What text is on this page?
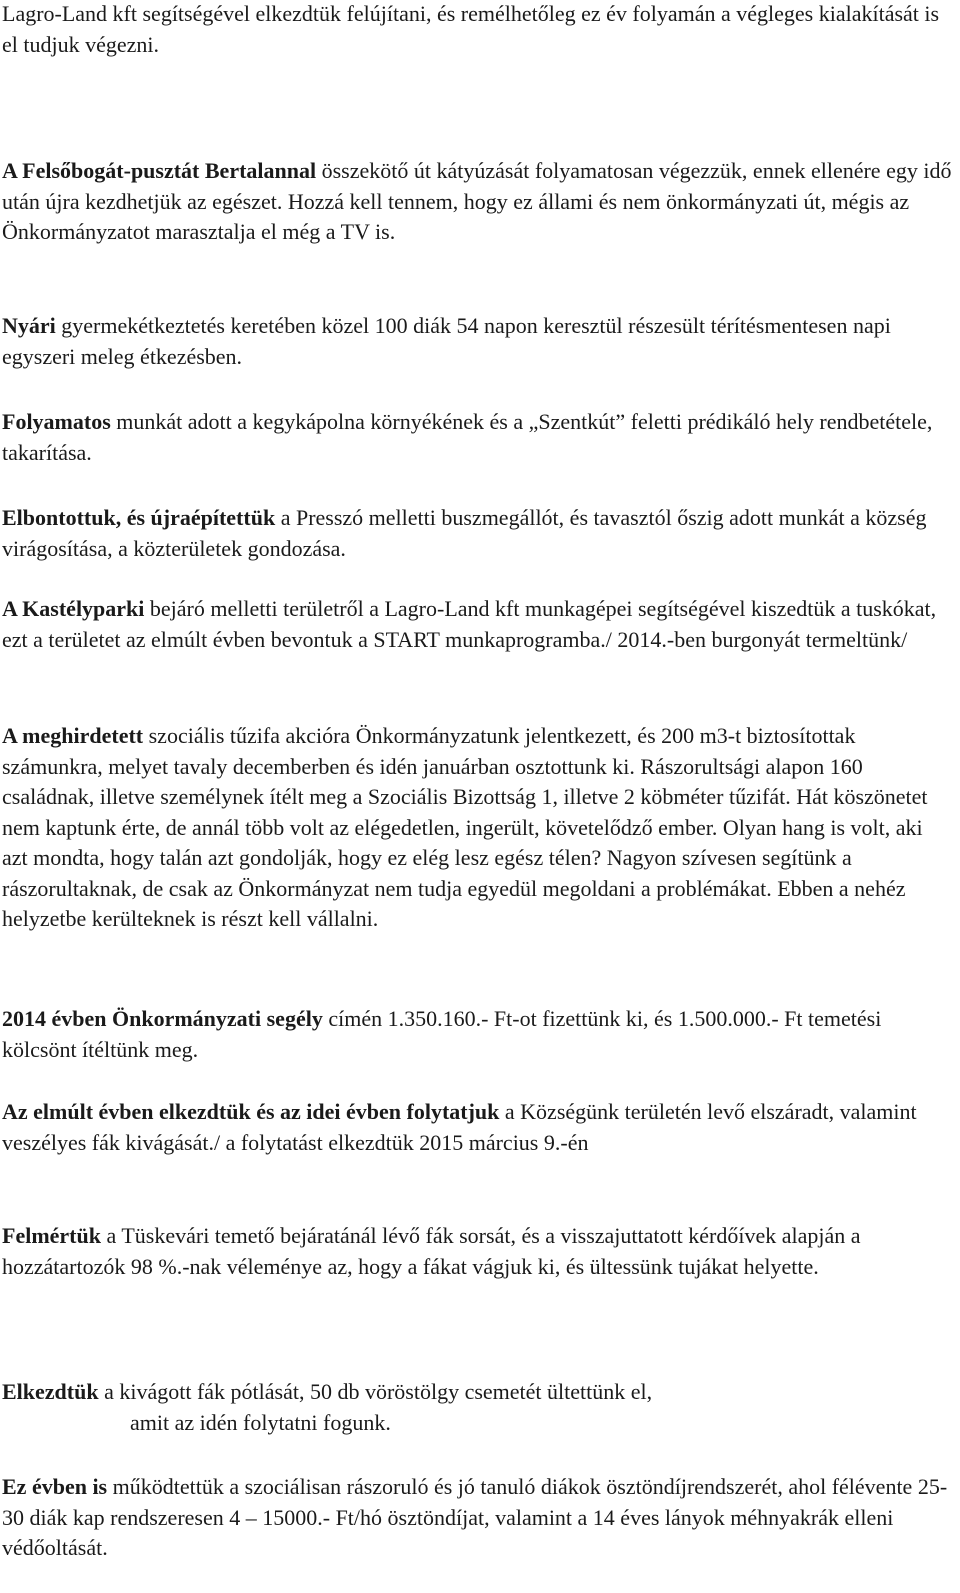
Lagro-Land kft segítségével elkezdtük felújítani, és remélhetőleg ez év folyamán a végleges kialakítását is el tudjuk végezni.

A Felsőbogát-pusztát Bertalannal összekötő út kátyúzását folyamatosan végezzük, ennek ellenére egy idő után újra kezdhetjük az egészet. Hozzá kell tennem, hogy ez állami és nem önkormányzati út, mégis az Önkormányzatot marasztalja el még a TV is.

Nyári gyermekétkeztetés keretében közel 100 diák 54 napon keresztül részesült térítésmentesen napi egyszeri meleg étkezésben.

Folyamatos munkát adott a kegykápolna környékének és a „Szentkút” feletti prédikáló hely rendbetétele, takarítása.

Elbontottuk, és újraépítettük a Presszó melletti buszmegállót, és tavasztól őszig adott munkát a község virágosítása, a közterületek gondozása.

A Kastélyparki bejáró melletti területről a Lagro-Land kft munkagépei segítségével kiszedtük a tuskókat, ezt a területet az elmúlt évben bevontuk a START munkaprogramba./ 2014.-ben burgonyát termeltünk/

A meghirdetett szociális tűzifa akcióra Önkormányzatunk jelentkezett, és 200 m3-t biztosítottak számunkra, melyet tavaly decemberben és idén januárban osztottunk ki. Rászorultsági alapon 160 családnak, illetve személynek ítélt meg a Szociális Bizottság 1, illetve 2 köbméter tűzifát. Hát köszönetet nem kaptunk érte, de annál több volt az elégedetlen, ingerült, követelődző ember. Olyan hang is volt, aki azt mondta, hogy talán azt gondolják, hogy ez elég lesz egész télen? Nagyon szívesen segítünk a rászorultaknak, de csak az Önkormányzat nem tudja egyedül megoldani a problémákat. Ebben a nehéz helyzetbe kerülteknek is részt kell vállalni.

2014 évben Önkormányzati segély címén 1.350.160.- Ft-ot fizettünk ki, és 1.500.000.- Ft temetési kölcsönt ítéltünk meg.

Az elmúlt évben elkezdtük és az idei évben folytatjuk a Községünk területén levő elszáradt, valamint veszélyes fák kivágását./ a folytatást elkezdtük 2015 március 9.-én

Felmértük a Tüskevári temető bejáratánál lévő fák sorsát, és a visszajuttatott kérdőívek alapján a hozzátartozók 98 %.-nak véleménye az, hogy a fákat vágjuk ki, és ültessünk tujákat helyette.

Elkezdtük a kivágott fák pótlását, 50 db vöröstölgy csemetét ültettünk el,
amit az idén folytatni fogunk.

Ez évben is működtettük a szociálisan rászoruló és jó tanuló diákok ösztöndíjrendszerét, ahol félévente 25-30 diák kap rendszeresen 4 – 15000.- Ft/hó ösztöndíjat, valamint a 14 éves lányok méhnyakrák elleni védőoltását.
